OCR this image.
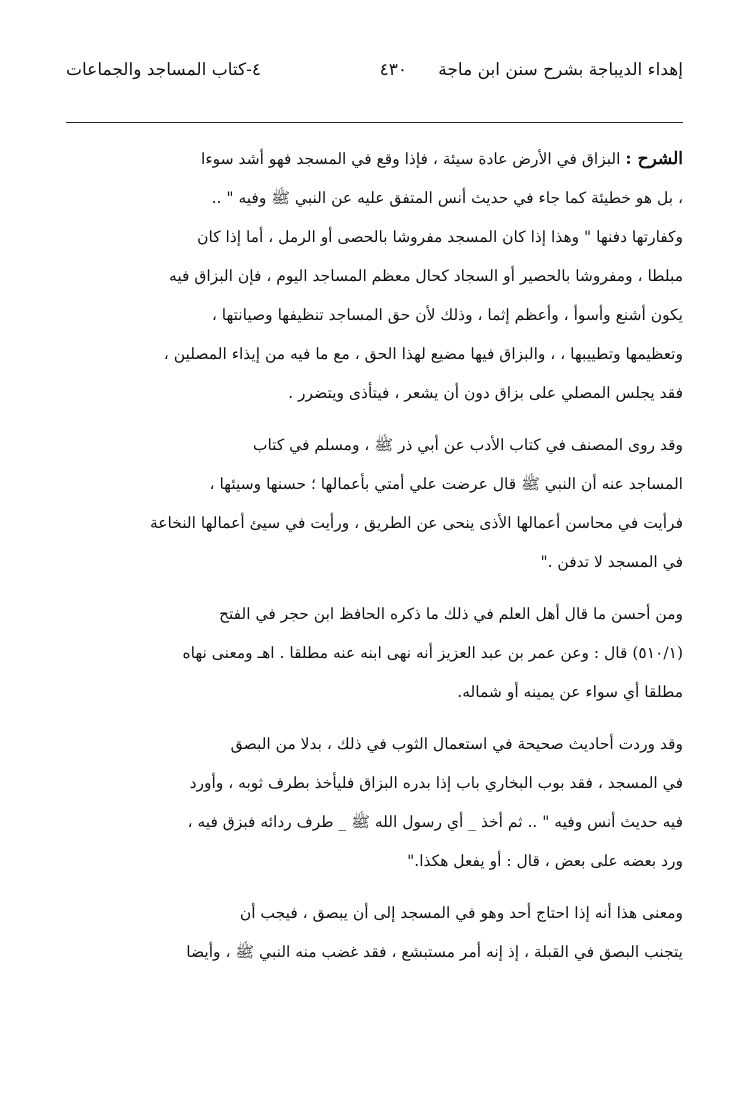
إهداء الديباجة بشرح سنن ابن ماجة
٤٣٠
٤-كتاب المساجد والجماعات
الشرح : البزاق في الأرض عادة سيئة ، فإذا وقع في المسجد فهو أشد سوءا
، بل هو خطيئة كما جاء في حديث أنس المتفق عليه عن النبي ﷺ وفيه " ..
وكفارتها دفنها " وهذا إذا كان المسجد مفروشا بالحصى أو الرمل ، أما إذا كان
مبلطا ، ومفروشا بالحصير أو السجاد كحال معظم المساجد اليوم ، فإن البزاق فيه
يكون أشنع وأسوأ ، وأعظم إثما ، وذلك لأن حق المساجد تنظيفها وصيانتها ،
وتعظيمها وتطييبها ، ، والبزاق فيها مضيع لهذا الحق ، مع ما فيه من إيذاء المصلين ،
فقد يجلس المصلي على بزاق دون أن يشعر ، فيتأذى ويتضرر .
وقد روى المصنف في كتاب الأدب عن أبي ذر ﷺ ، ومسلم في كتاب
المساجد عنه أن النبي ﷺ قال عرضت علي أمتي بأعمالها ؛ حسنها وسيئها ،
فرأيت في محاسن أعمالها الأذى ينحى عن الطريق ، ورأيت في سيئ أعمالها النخاعة
في المسجد لا تدفن ."
ومن أحسن ما قال أهل العلم في ذلك ما ذكره الحافظ ابن حجر في الفتح
(٥١٠/١) قال : وعن عمر بن عبد العزيز أنه نهى ابنه عنه مطلقا . اهـ ومعنى نهاه
مطلقا أي سواء عن يمينه أو شماله.
وقد وردت أحاديث صحيحة في استعمال الثوب في ذلك ، بدلا من البصق
في المسجد ، فقد بوب البخاري باب إذا بدره البزاق فليأخذ بطرف ثوبه ، وأورد
فيه حديث أنس وفيه " .. ثم أخذ _ أي رسول الله ﷺ _ طرف ردائه فبزق فيه ،
ورد بعضه على بعض ، قال : أو يفعل هكذا."
ومعنى هذا أنه إذا احتاج أحد وهو في المسجد إلى أن يبصق ، فيجب أن
يتجنب البصق في القبلة ، إذ إنه أمر مستبشع ، فقد غضب منه النبي ﷺ ، وأيضا
